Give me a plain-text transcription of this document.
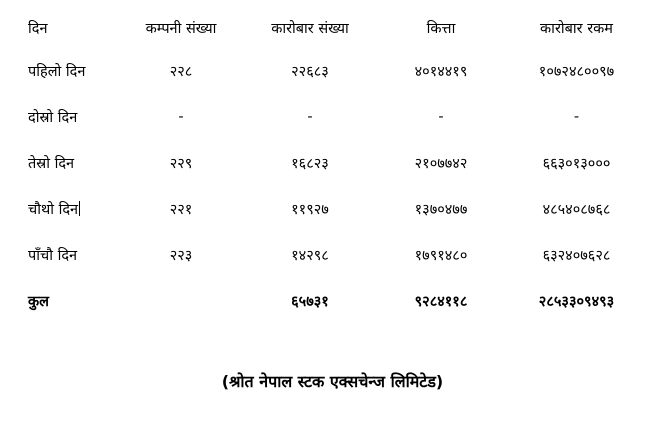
दिन	कम्पनी संख्या	कारोबार संख्या	कित्ता	कारोबार रकम
पहिलो दिन	२२८	२२६८३	४०१४४१९	१०७२४८००९७
दोस्रो दिन	-	-	-	-
तेस्रो दिन	२२९	१६८२३	२१०७७४२	६६३०१३०००
चौथो दिन	२२१	११९२७	१३७०४७७	४८५४०८७६८
पाँचौ दिन	२२३	१४२९८	१७९१४८०	६३२४०७६२८
कुल		६५७३१	९२८४११८	२८५३३०९४९३
(श्रोत नेपाल स्टक एक्सचेन्ज लिमिटेड)
